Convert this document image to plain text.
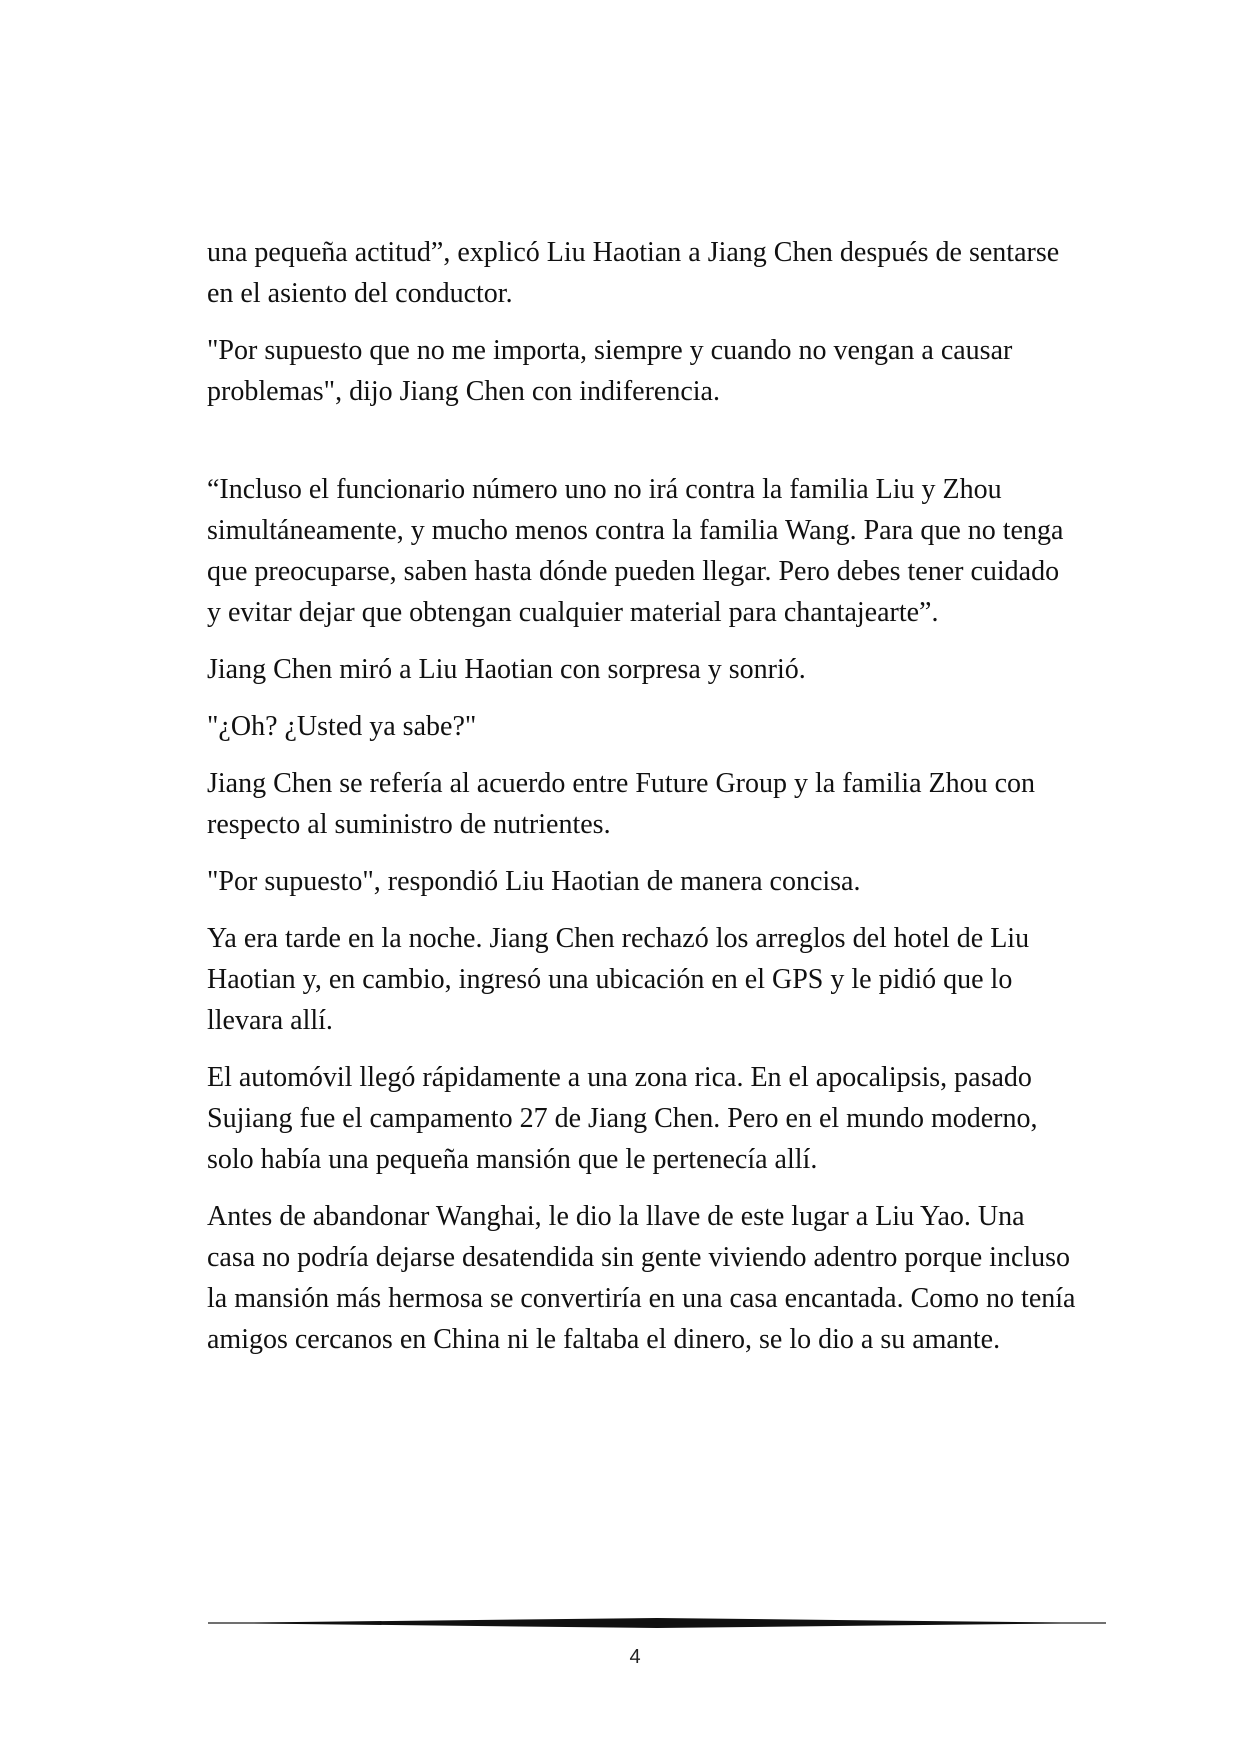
una pequeña actitud”, explicó Liu Haotian a Jiang Chen después de sentarse en el asiento del conductor.

"Por supuesto que no me importa, siempre y cuando no vengan a causar problemas", dijo Jiang Chen con indiferencia.

“Incluso el funcionario número uno no irá contra la familia Liu y Zhou simultáneamente, y mucho menos contra la familia Wang. Para que no tenga que preocuparse, saben hasta dónde pueden llegar. Pero debes tener cuidado y evitar dejar que obtengan cualquier material para chantajearte”.

Jiang Chen miró a Liu Haotian con sorpresa y sonrió.

"¿Oh? ¿Usted ya sabe?"

Jiang Chen se refería al acuerdo entre Future Group y la familia Zhou con respecto al suministro de nutrientes.

"Por supuesto", respondió Liu Haotian de manera concisa.

Ya era tarde en la noche. Jiang Chen rechazó los arreglos del hotel de Liu Haotian y, en cambio, ingresó una ubicación en el GPS y le pidió que lo llevara allí.

El automóvil llegó rápidamente a una zona rica. En el apocalipsis, pasado Sujiang fue el campamento 27 de Jiang Chen. Pero en el mundo moderno, solo había una pequeña mansión que le pertenecía allí.

Antes de abandonar Wanghai, le dio la llave de este lugar a Liu Yao. Una casa no podría dejarse desatendida sin gente viviendo adentro porque incluso la mansión más hermosa se convertiría en una casa encantada. Como no tenía amigos cercanos en China ni le faltaba el dinero, se lo dio a su amante.

4
